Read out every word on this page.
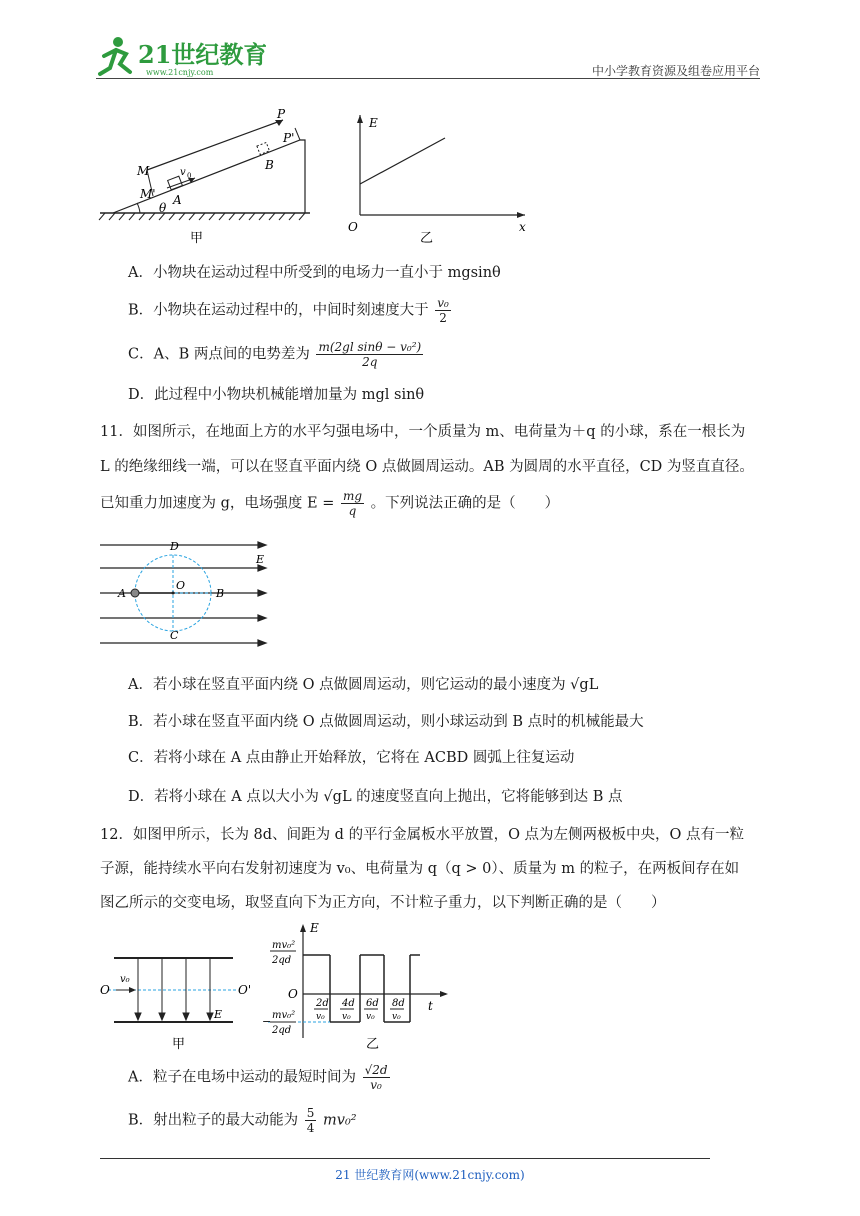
21世纪教育
www.21cnjy.com	中小学教育资源及组卷应用平台
M
M' A
v 0
θ
B
P
P'
甲
E
O	x
乙
A．小物块在运动过程中所受到的电场力一直小于 mgsinθ
B．小物块在运动过程中的，中间时刻速度大于 $\frac{\text{v₀}}{2}$
C．A、B 两点间的电势差为 $\frac{\text{m(2gl sinθ − v₀²)}}{2q}$
D．此过程中小物块机械能增加量为 mgl sinθ
11．如图所示，在地面上方的水平匀强电场中，一个质量为 m、电荷量为＋q 的小球，系在一根长为
L 的绝缘细线一端，可以在竖直平面内绕 O 点做圆周运动。AB 为圆周的水平直径，CD 为竖直直径。
已知重力加速度为 g，电场强度 $E = \frac{mg}{q}$ 。下列说法正确的是（　　）
D
O
A	B
C
E
A．若小球在竖直平面内绕 O 点做圆周运动，则它运动的最小速度为 √gL
B．若小球在竖直平面内绕 O 点做圆周运动，则小球运动到 B 点时的机械能最大
C．若将小球在 A 点由静止开始释放，它将在 ACBD 圆弧上往复运动
D．若将小球在 A 点以大小为 √gL 的速度竖直向上抛出，它将能够到达 B 点
12．如图甲所示，长为 8d、间距为 d 的平行金属板水平放置，O 点为左侧两极板中央，O 点有一粒
子源，能持续水平向右发射初速度为 v₀、电荷量为 q（q > 0）、质量为 m 的粒子，在两板间存在如
图乙所示的交变电场，取竖直向下为正方向，不计粒子重力，以下判断正确的是（　　）
O
v₀
O'
E
甲
E
t
O
mv₀²
2qd
− mv₀²
2qd
2d
v₀
4d
v₀
6d
v₀
8d
v₀
乙
A．粒子在电场中运动的最短时间为 $\frac{√2d}{\text{v₀}}$
B．射出粒子的最大动能为 $\frac{5}{4} mv_0^2$
21 世纪教育网(www.21cnjy.com)
